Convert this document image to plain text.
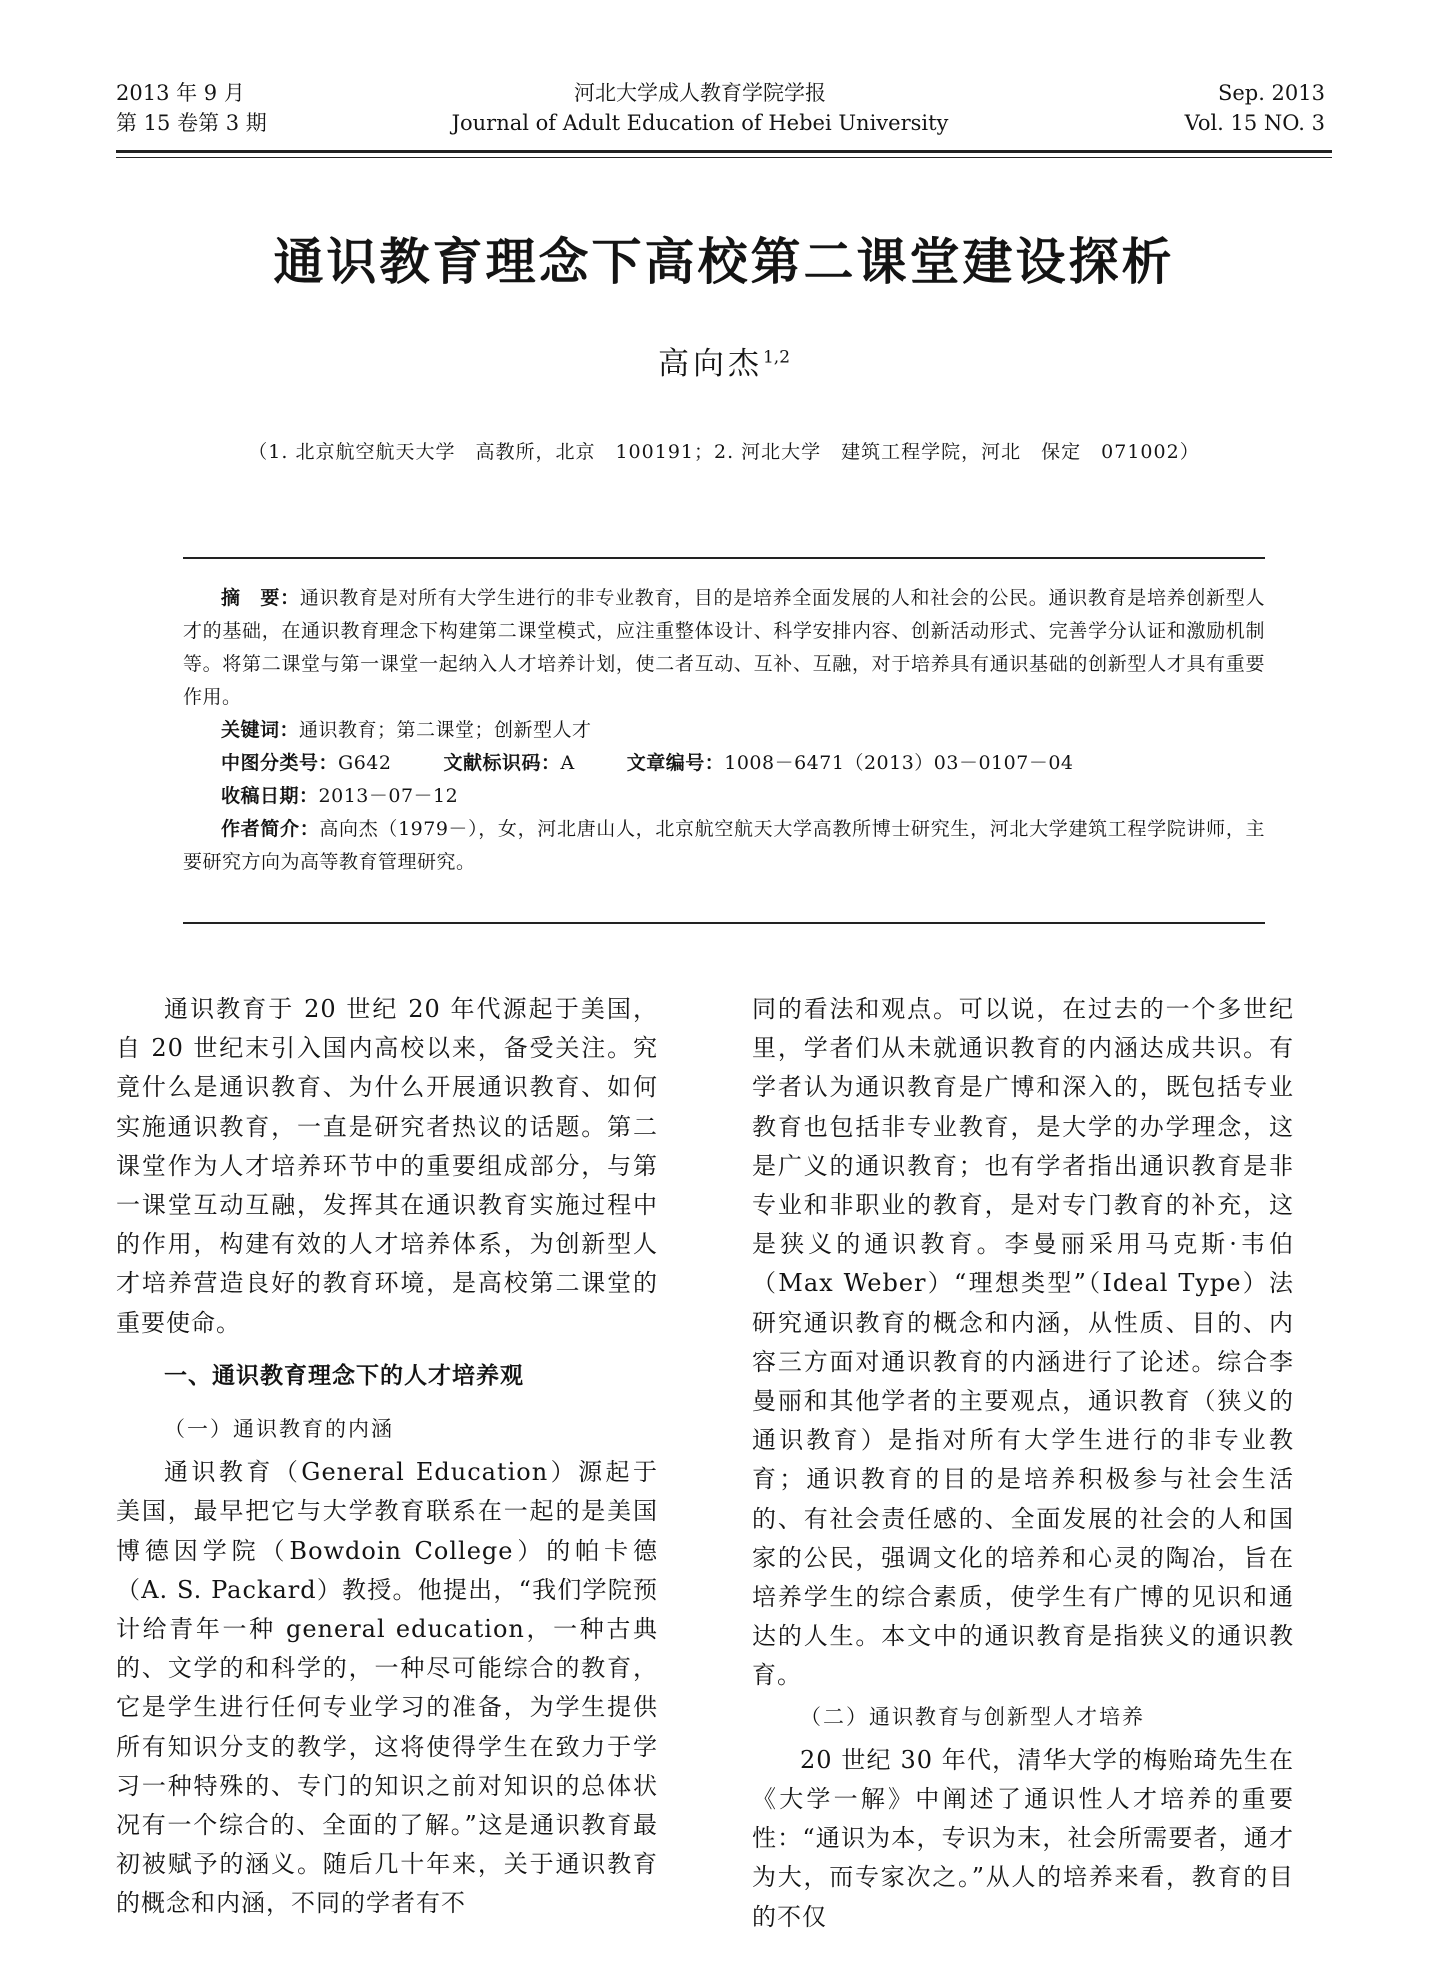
2013 年 9 月
第 15 卷第 3 期
河北大学成人教育学院学报
Journal of Adult Education of Hebei University
Sep. 2013
Vol. 15 NO. 3
通识教育理念下高校第二课堂建设探析
高向杰$^{1,2}$
（1. 北京航空航天大学　高教所，北京　100191；2. 河北大学　建筑工程学院，河北　保定　071002）

摘　要：通识教育是对所有大学生进行的非专业教育，目的是培养全面发展的人和社会的公民。通识教育是培养创新型人才的基础，在通识教育理念下构建第二课堂模式，应注重整体设计、科学安排内容、创新活动形式、完善学分认证和激励机制等。将第二课堂与第一课堂一起纳入人才培养计划，使二者互动、互补、互融，对于培养具有通识基础的创新型人才具有重要作用。

关键词：通识教育；第二课堂；创新型人才

中图分类号：G642	文献标识码：A	文章编号：1008－6471（2013）03－0107－04

收稿日期：2013－07－12

作者简介：高向杰（1979－），女，河北唐山人，北京航空航天大学高教所博士研究生，河北大学建筑工程学院讲师，主要研究方向为高等教育管理研究。

通识教育于 20 世纪 20 年代源起于美国，自 20 世纪末引入国内高校以来，备受关注。究竟什么是通识教育、为什么开展通识教育、如何实施通识教育，一直是研究者热议的话题。第二课堂作为人才培养环节中的重要组成部分，与第一课堂互动互融，发挥其在通识教育实施过程中的作用，构建有效的人才培养体系，为创新型人才培养营造良好的教育环境，是高校第二课堂的重要使命。

一、通识教育理念下的人才培养观

（一）通识教育的内涵

通识教育（General Education）源起于美国，最早把它与大学教育联系在一起的是美国博德因学院（Bowdoin College）的帕卡德（A. S. Packard）教授。他提出，“我们学院预计给青年一种 general education，一种古典的、文学的和科学的，一种尽可能综合的教育，它是学生进行任何专业学习的准备，为学生提供所有知识分支的教学，这将使得学生在致力于学习一种特殊的、专门的知识之前对知识的总体状况有一个综合的、全面的了解。”这是通识教育最初被赋予的涵义。随后几十年来，关于通识教育的概念和内涵，不同的学者有不

同的看法和观点。可以说，在过去的一个多世纪里，学者们从未就通识教育的内涵达成共识。有学者认为通识教育是广博和深入的，既包括专业教育也包括非专业教育，是大学的办学理念，这是广义的通识教育；也有学者指出通识教育是非专业和非职业的教育，是对专门教育的补充，这是狭义的通识教育。李曼丽采用马克斯·韦伯（Max Weber）“理想类型”（Ideal Type）法研究通识教育的概念和内涵，从性质、目的、内容三方面对通识教育的内涵进行了论述。综合李曼丽和其他学者的主要观点，通识教育（狭义的通识教育）是指对所有大学生进行的非专业教育；通识教育的目的是培养积极参与社会生活的、有社会责任感的、全面发展的社会的人和国家的公民，强调文化的培养和心灵的陶冶，旨在培养学生的综合素质，使学生有广博的见识和通达的人生。本文中的通识教育是指狭义的通识教育。

（二）通识教育与创新型人才培养

20 世纪 30 年代，清华大学的梅贻琦先生在《大学一解》中阐述了通识性人才培养的重要性：“通识为本，专识为末，社会所需要者，通才为大，而专家次之。”从人的培养来看，教育的目的不仅
